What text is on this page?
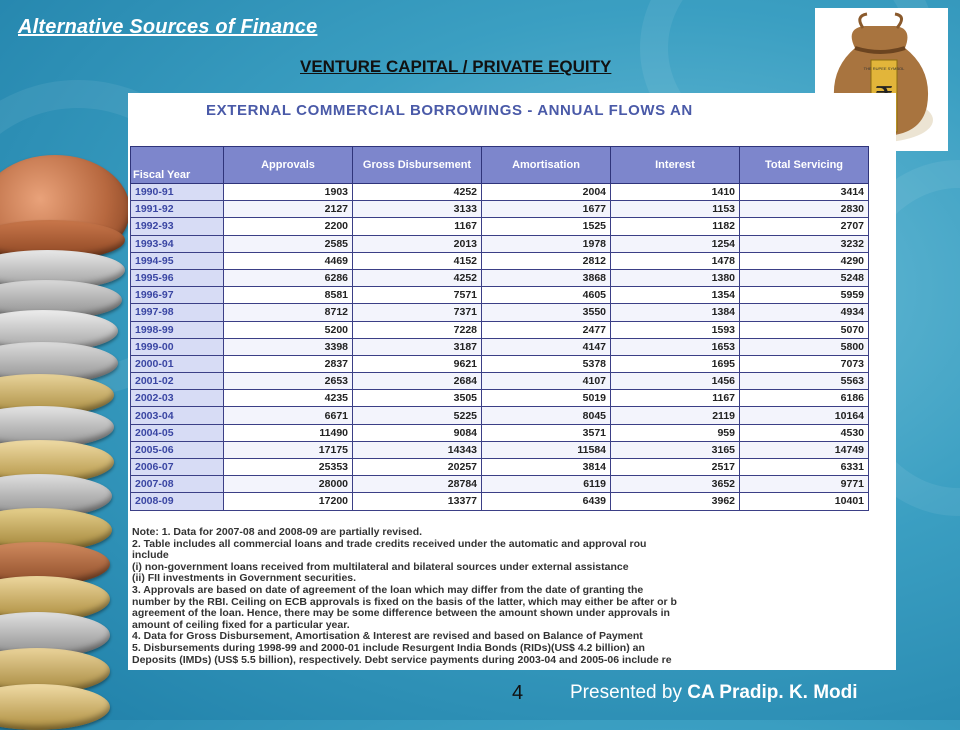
Alternative Sources of Finance
VENTURE CAPITAL / PRIVATE EQUITY	THE RUPEE SYMBOL
EXTERNAL COMMERCIAL BORROWINGS - ANNUAL FLOWS AN
Fiscal Year	Approvals	Gross Disbursement	Amortisation	Interest	Total Servicing
1990-91	1903	4252	2004	1410	3414
1991-92	2127	3133	1677	1153	2830
1992-93	2200	1167	1525	1182	2707
1993-94	2585	2013	1978	1254	3232
1994-95	4469	4152	2812	1478	4290
1995-96	6286	4252	3868	1380	5248
1996-97	8581	7571	4605	1354	5959
1997-98	8712	7371	3550	1384	4934
1998-99	5200	7228	2477	1593	5070
1999-00	3398	3187	4147	1653	5800
2000-01	2837	9621	5378	1695	7073
2001-02	2653	2684	4107	1456	5563
2002-03	4235	3505	5019	1167	6186
2003-04	6671	5225	8045	2119	10164
2004-05	11490	9084	3571	959	4530
2005-06	17175	14343	11584	3165	14749
2006-07	25353	20257	3814	2517	6331
2007-08	28000	28784	6119	3652	9771
2008-09	17200	13377	6439	3962	10401
Note: 1. Data for 2007-08 and 2008-09 are partially revised.
2. Table includes all commercial loans and trade credits received under the automatic and approval rou
include
(i) non-government loans received from multilateral and bilateral sources under external assistance
(ii) FII investments in Government securities.
3. Approvals are based on date of agreement of the loan which may differ from the date of granting the
number by the RBI. Ceiling on ECB approvals is fixed on the basis of the latter, which may either be after or b
agreement of the loan. Hence, there may be some difference between the amount shown under approvals in
amount of ceiling fixed for a particular year.
4. Data for Gross Disbursement, Amortisation & Interest are revised and based on Balance of Payment
5. Disbursements during 1998-99 and 2000-01 include Resurgent India Bonds (RIDs)(US$ 4.2 billion) an
Deposits (IMDs) (US$ 5.5 billion), respectively. Debt service payments during 2003-04 and 2005-06 include re
4 Presented by CA Pradip. K. Modi
